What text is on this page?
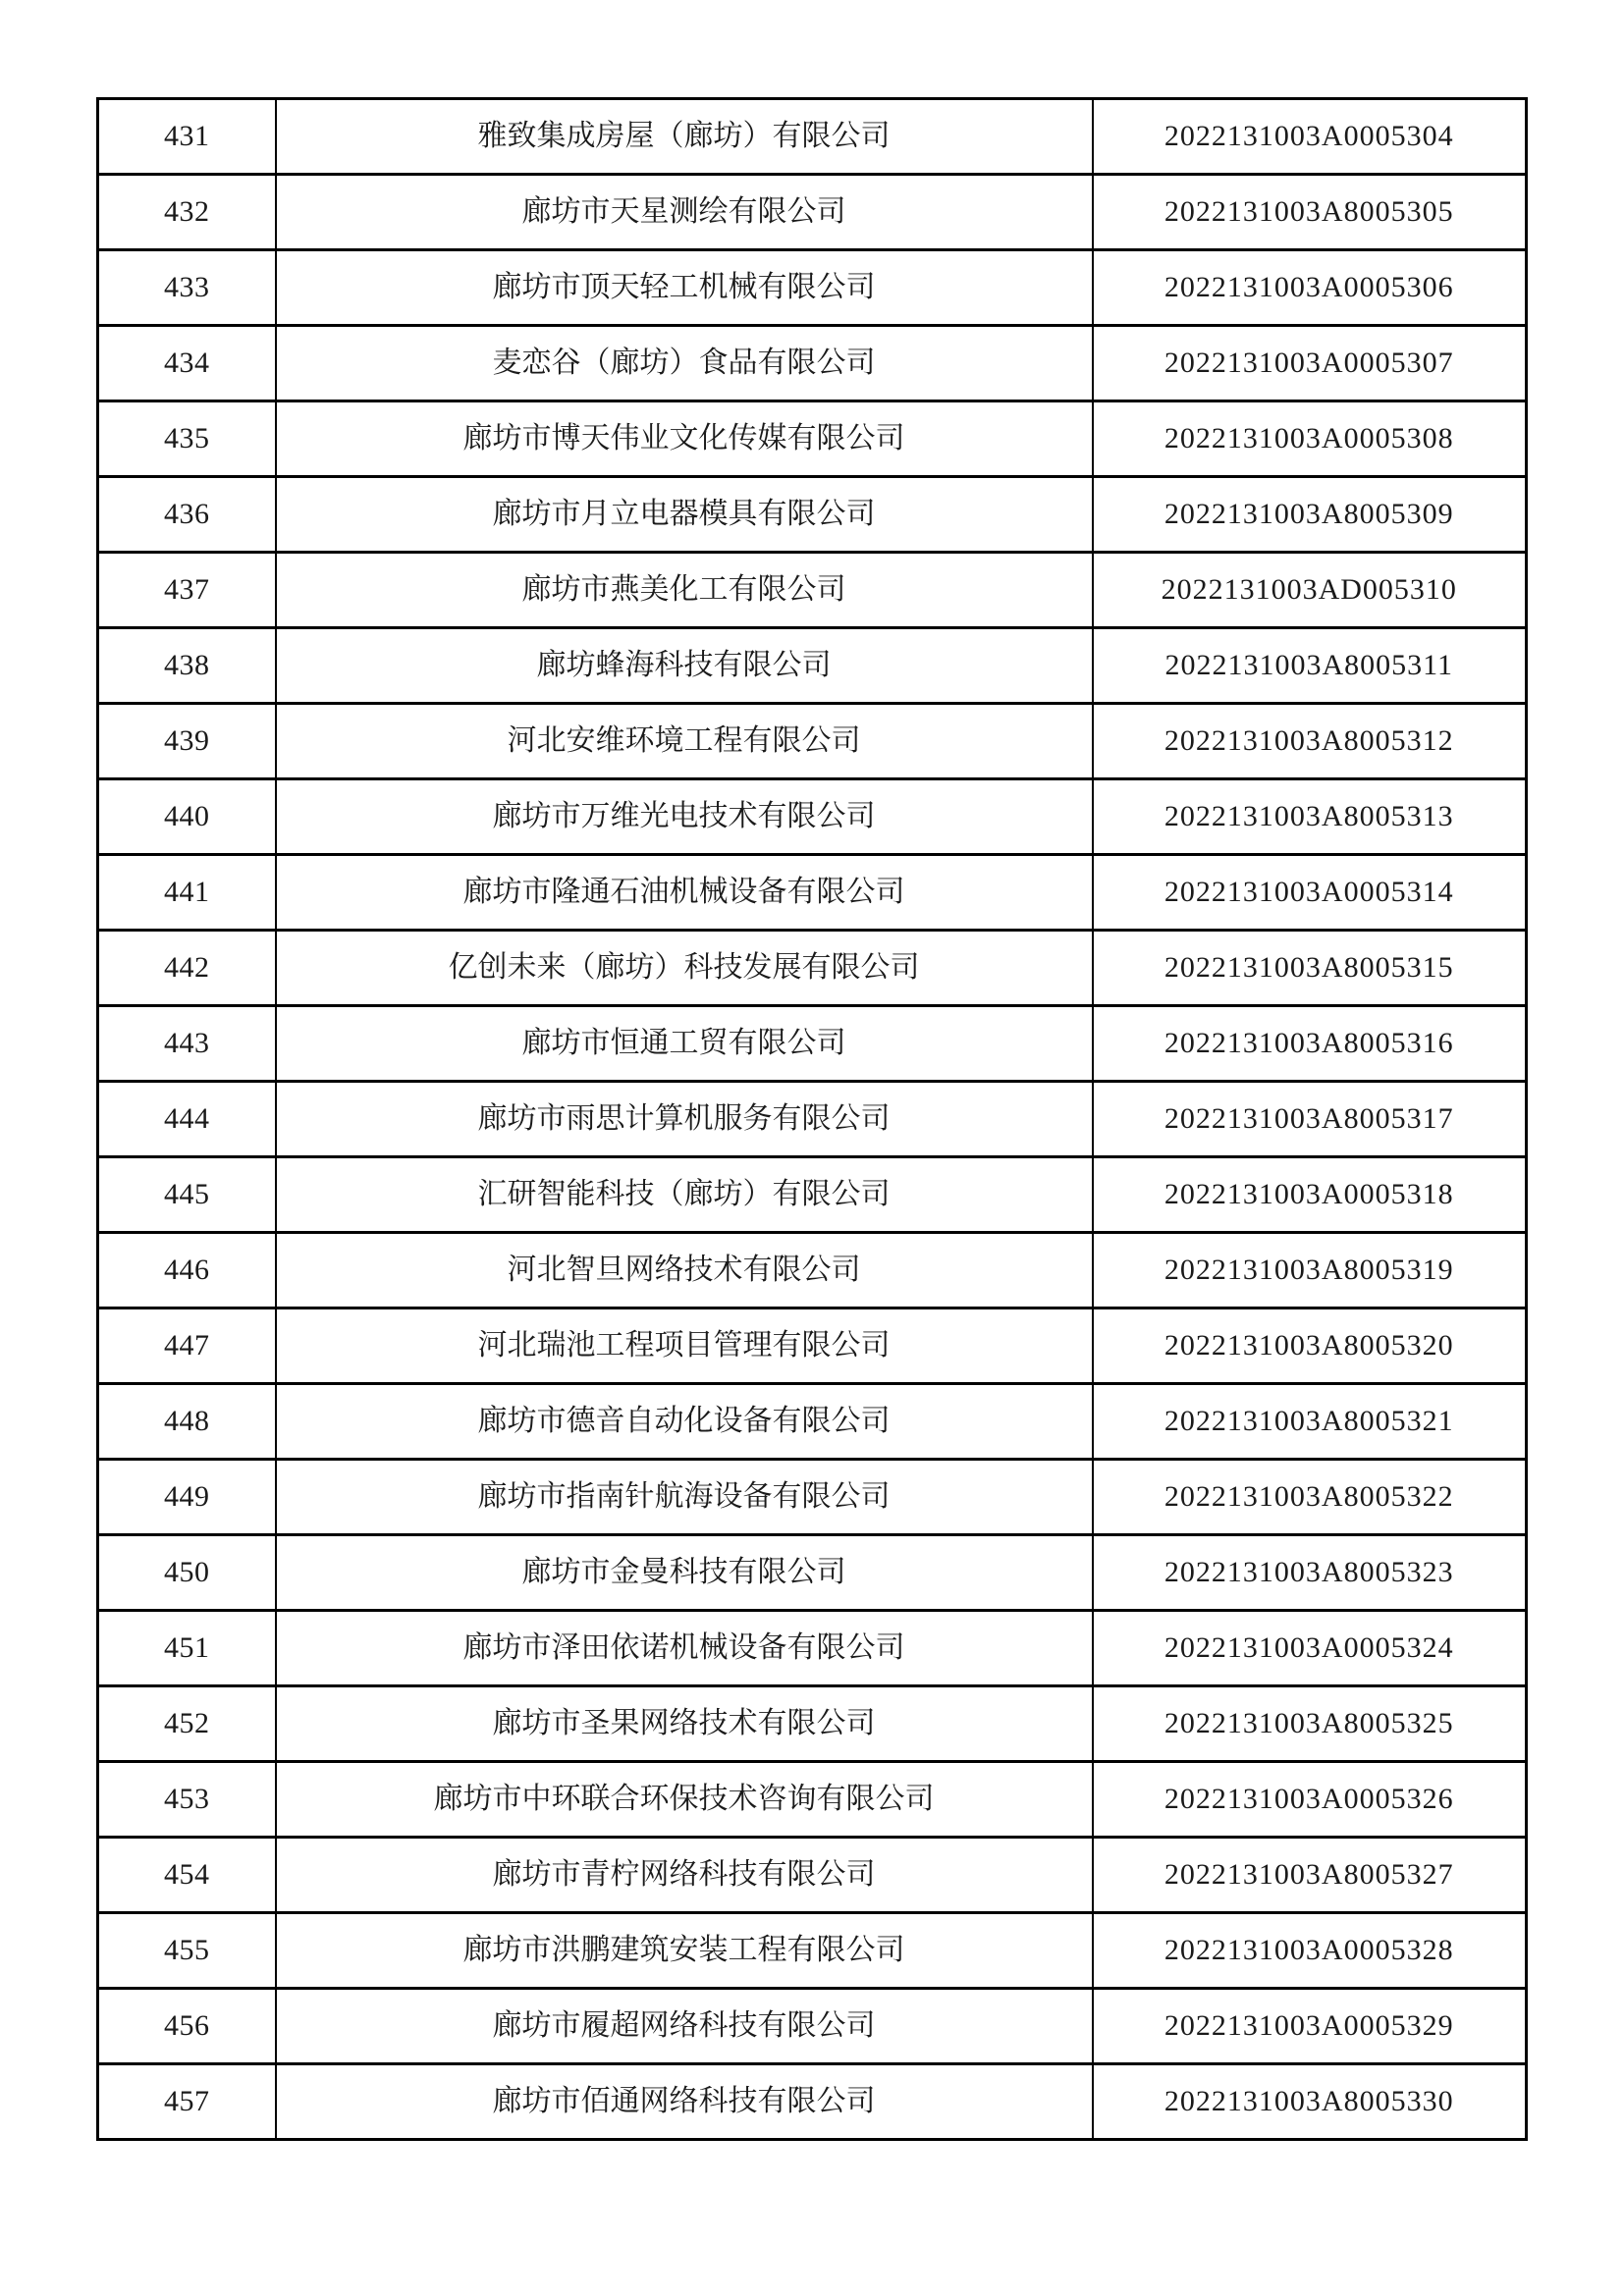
431	雅致集成房屋（廊坊）有限公司	2022131003A0005304
432	廊坊市天星测绘有限公司	2022131003A8005305
433	廊坊市顶天轻工机械有限公司	2022131003A0005306
434	麦恋谷（廊坊）食品有限公司	2022131003A0005307
435	廊坊市博天伟业文化传媒有限公司	2022131003A0005308
436	廊坊市月立电器模具有限公司	2022131003A8005309
437	廊坊市燕美化工有限公司	2022131003AD005310
438	廊坊蜂海科技有限公司	2022131003A8005311
439	河北安维环境工程有限公司	2022131003A8005312
440	廊坊市万维光电技术有限公司	2022131003A8005313
441	廊坊市隆通石油机械设备有限公司	2022131003A0005314
442	亿创未来（廊坊）科技发展有限公司	2022131003A8005315
443	廊坊市恒通工贸有限公司	2022131003A8005316
444	廊坊市雨思计算机服务有限公司	2022131003A8005317
445	汇研智能科技（廊坊）有限公司	2022131003A0005318
446	河北智旦网络技术有限公司	2022131003A8005319
447	河北瑞池工程项目管理有限公司	2022131003A8005320
448	廊坊市德音自动化设备有限公司	2022131003A8005321
449	廊坊市指南针航海设备有限公司	2022131003A8005322
450	廊坊市金曼科技有限公司	2022131003A8005323
451	廊坊市泽田依诺机械设备有限公司	2022131003A0005324
452	廊坊市圣果网络技术有限公司	2022131003A8005325
453	廊坊市中环联合环保技术咨询有限公司	2022131003A0005326
454	廊坊市青柠网络科技有限公司	2022131003A8005327
455	廊坊市洪鹏建筑安装工程有限公司	2022131003A0005328
456	廊坊市履超网络科技有限公司	2022131003A0005329
457	廊坊市佰通网络科技有限公司	2022131003A8005330
